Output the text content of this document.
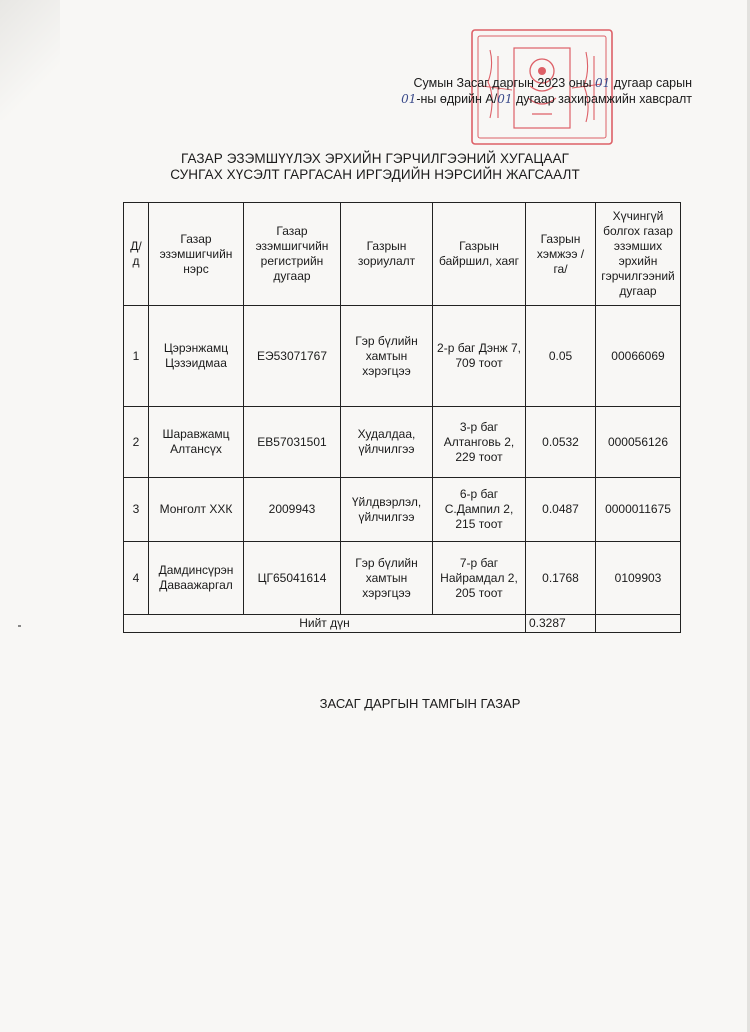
Сумын Засаг даргын 2023 оны 01 дугаар сарын
01-ны өдрийн А/01 дугаар захирамжийн хавсралт
ГАЗАР ЭЗЭМШҮҮЛЭХ ЭРХИЙН ГЭРЧИЛГЭЭНИЙ ХУГАЦААГ
СУНГАХ ХҮСЭЛТ ГАРГАСАН ИРГЭДИЙН НЭРСИЙН ЖАГСААЛТ
Д/д	Газар эзэмшигчийн нэрс	Газар эзэмшигчийн регистрийн дугаар	Газрын зориулалт	Газрын байршил, хаяг	Газрын хэмжээ / га/	Хүчингүй болгох газар эзэмших эрхийн гэрчилгээний дугаар
1	Цэрэнжамц Цэзэидмаа	ЕЭ53071767	Гэр бүлийн хамтын хэрэгцээ	2-р баг Дэнж 7, 709 тоот	0.05	00066069
2	Шаравжамц Алтансүх	ЕВ57031501	Худалдаа, үйлчилгээ	3-р баг Алтанговь 2, 229 тоот	0.0532	000056126
3	Монголт ХХК	2009943	Үйлдвэрлэл, үйлчилгээ	6-р баг С.Дампил 2, 215 тоот	0.0487	0000011675
4	Дамдинсүрэн Даваажаргал	ЦГ65041614	Гэр бүлийн хамтын хэрэгцээ	7-р баг Найрамдал 2, 205 тоот	0.1768	0109903
Нийт дүн					0.3287	
ЗАСАГ ДАРГЫН ТАМГЫН ГАЗАР
